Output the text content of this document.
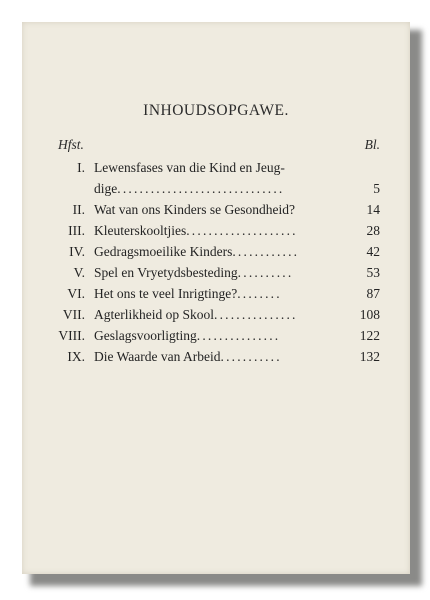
INHOUDSOPGAWE.
Hfst.	Bl.
I. Lewensfases van die Kind en Jeug-
dige..............................	5
II. Wat van ons Kinders se Gesondheid?	14
III. Kleuterskooltjies....................	28
IV. Gedragsmoeilike Kinders............	42
V. Spel en Vryetydsbesteding..........	53
VI. Het ons te veel Inrigtinge?........	87
VII. Agterlikheid op Skool...............	108
VIII. Geslagsvoorligting...............	122
IX. Die Waarde van Arbeid...........	132
